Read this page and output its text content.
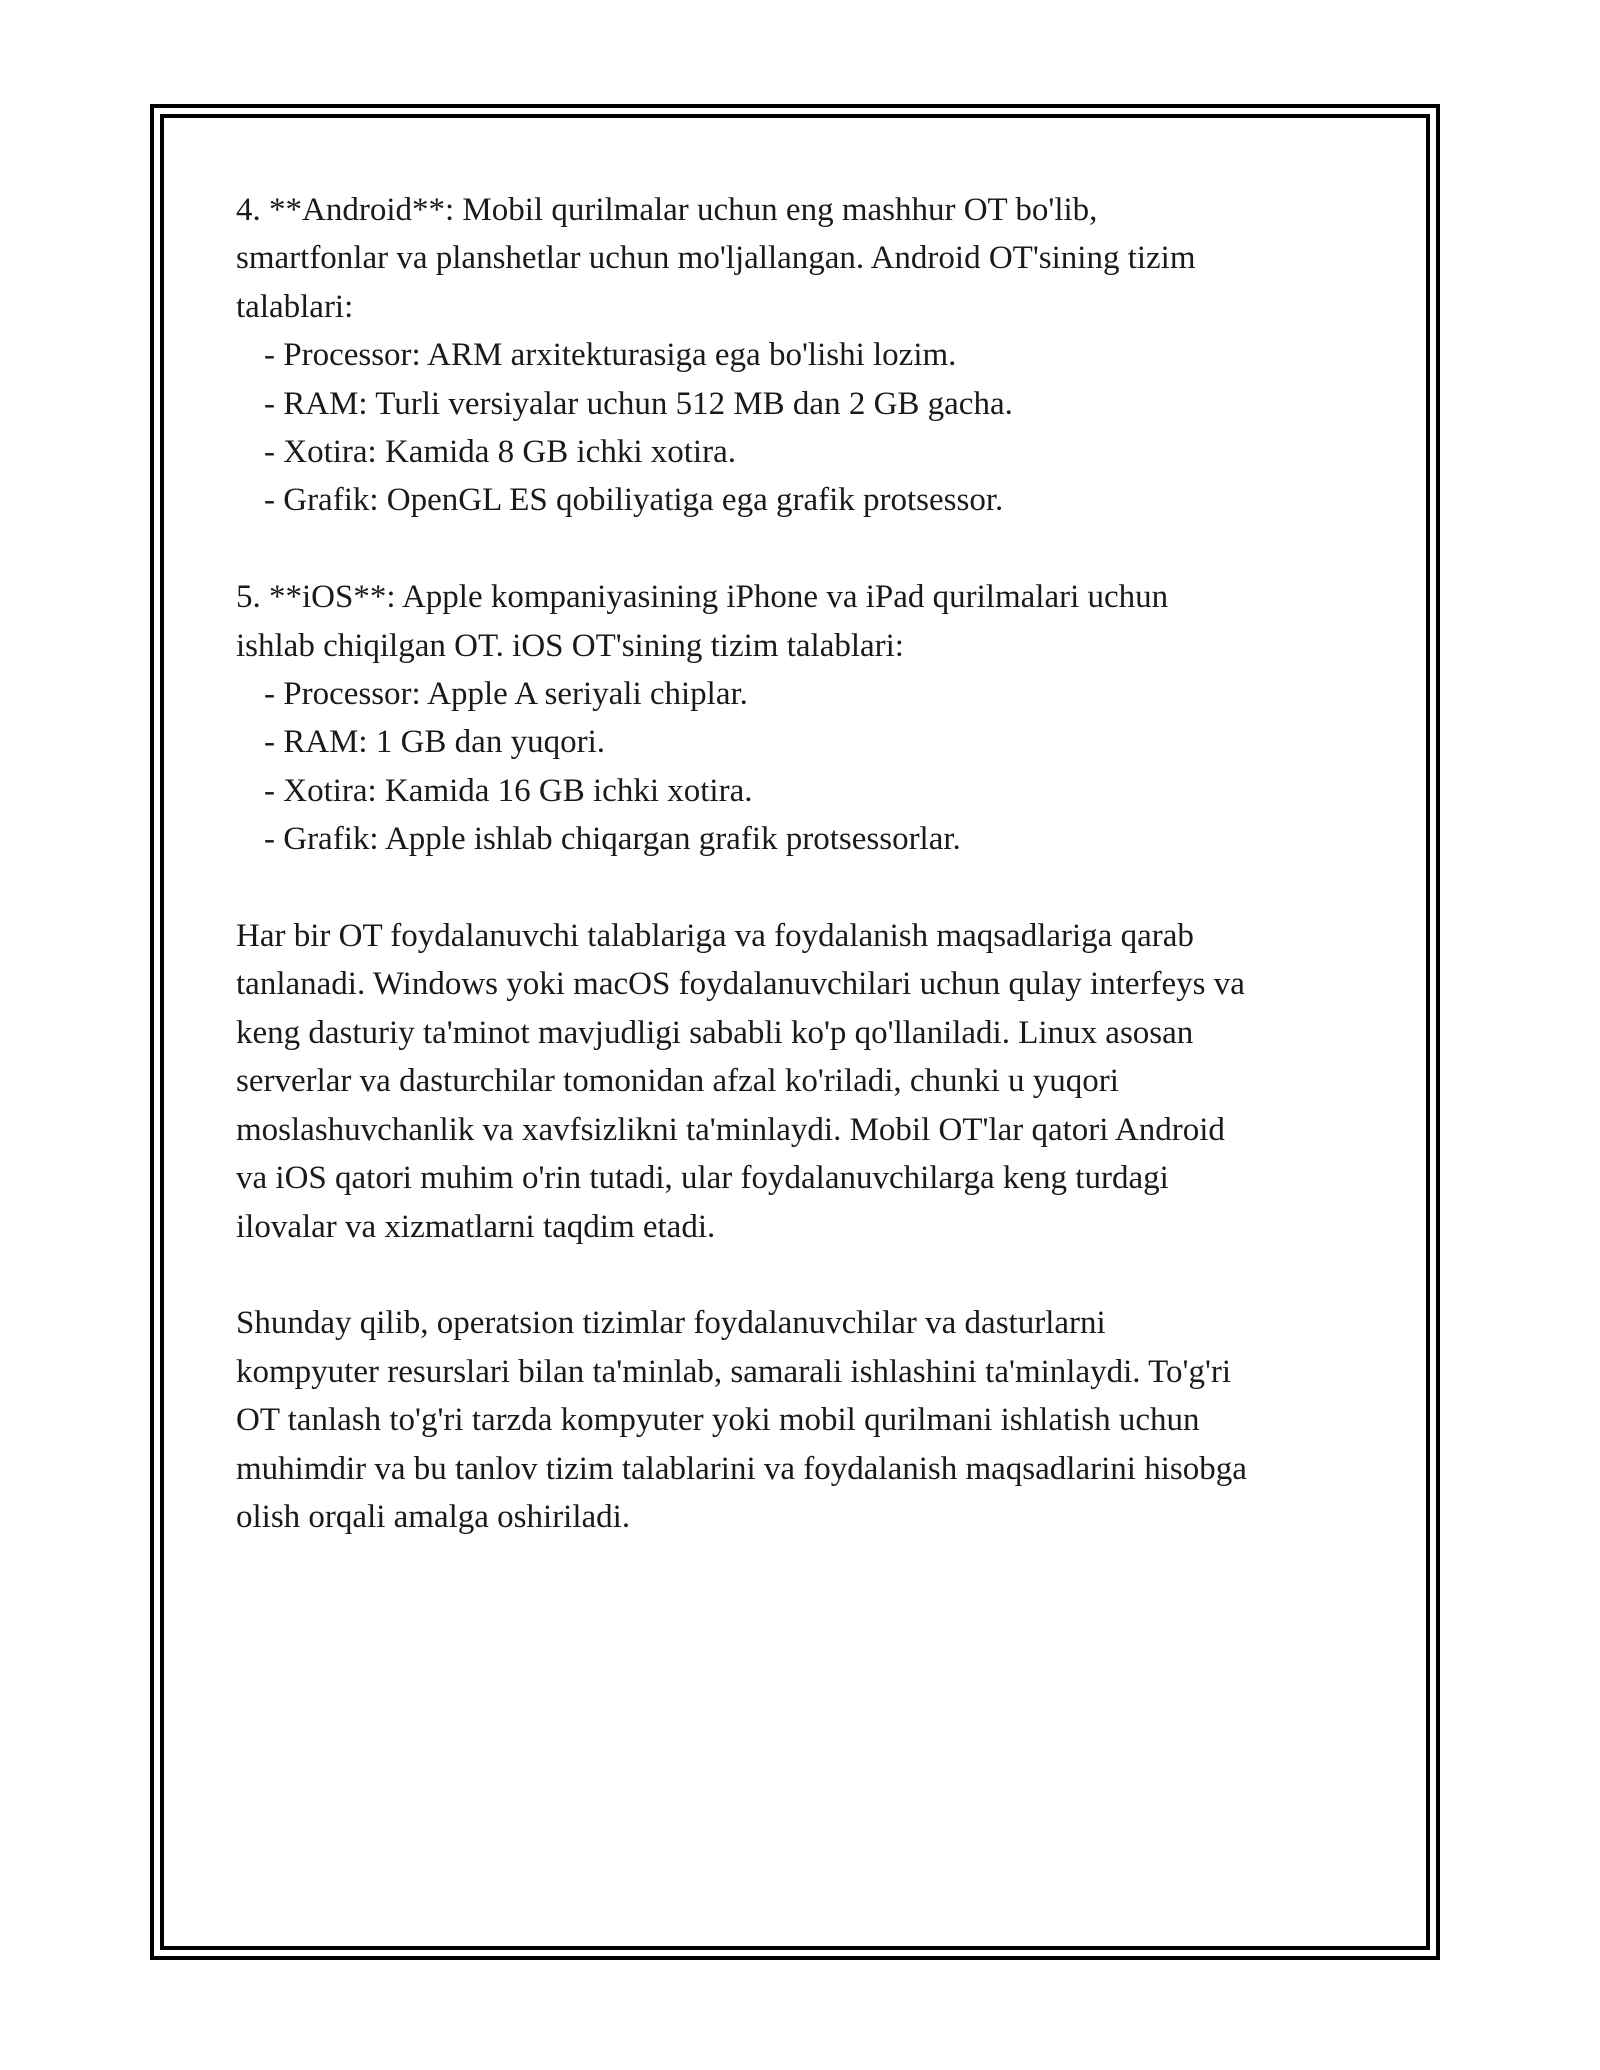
4. **Android**: Mobil qurilmalar uchun eng mashhur OT bo'lib,
smartfonlar va planshetlar uchun mo'ljallangan. Android OT'sining tizim
talablari:

- Processor: ARM arxitekturasiga ega bo'lishi lozim.
- RAM: Turli versiyalar uchun 512 MB dan 2 GB gacha.
- Xotira: Kamida 8 GB ichki xotira.
- Grafik: OpenGL ES qobiliyatiga ega grafik protsessor.

5. **iOS**: Apple kompaniyasining iPhone va iPad qurilmalari uchun
ishlab chiqilgan OT. iOS OT'sining tizim talablari:

- Processor: Apple A seriyali chiplar.
- RAM: 1 GB dan yuqori.
- Xotira: Kamida 16 GB ichki xotira.
- Grafik: Apple ishlab chiqargan grafik protsessorlar.

Har bir OT foydalanuvchi talablariga va foydalanish maqsadlariga qarab
tanlanadi. Windows yoki macOS foydalanuvchilari uchun qulay interfeys va
keng dasturiy ta'minot mavjudligi sababli ko'p qo'llaniladi. Linux asosan
serverlar va dasturchilar tomonidan afzal ko'riladi, chunki u yuqori
moslashuvchanlik va xavfsizlikni ta'minlaydi. Mobil OT'lar qatori Android
va iOS qatori muhim o'rin tutadi, ular foydalanuvchilarga keng turdagi
ilovalar va xizmatlarni taqdim etadi.

Shunday qilib, operatsion tizimlar foydalanuvchilar va dasturlarni
kompyuter resurslari bilan ta'minlab, samarali ishlashini ta'minlaydi. To'g'ri
OT tanlash to'g'ri tarzda kompyuter yoki mobil qurilmani ishlatish uchun
muhimdir va bu tanlov tizim talablarini va foydalanish maqsadlarini hisobga
olish orqali amalga oshiriladi.
